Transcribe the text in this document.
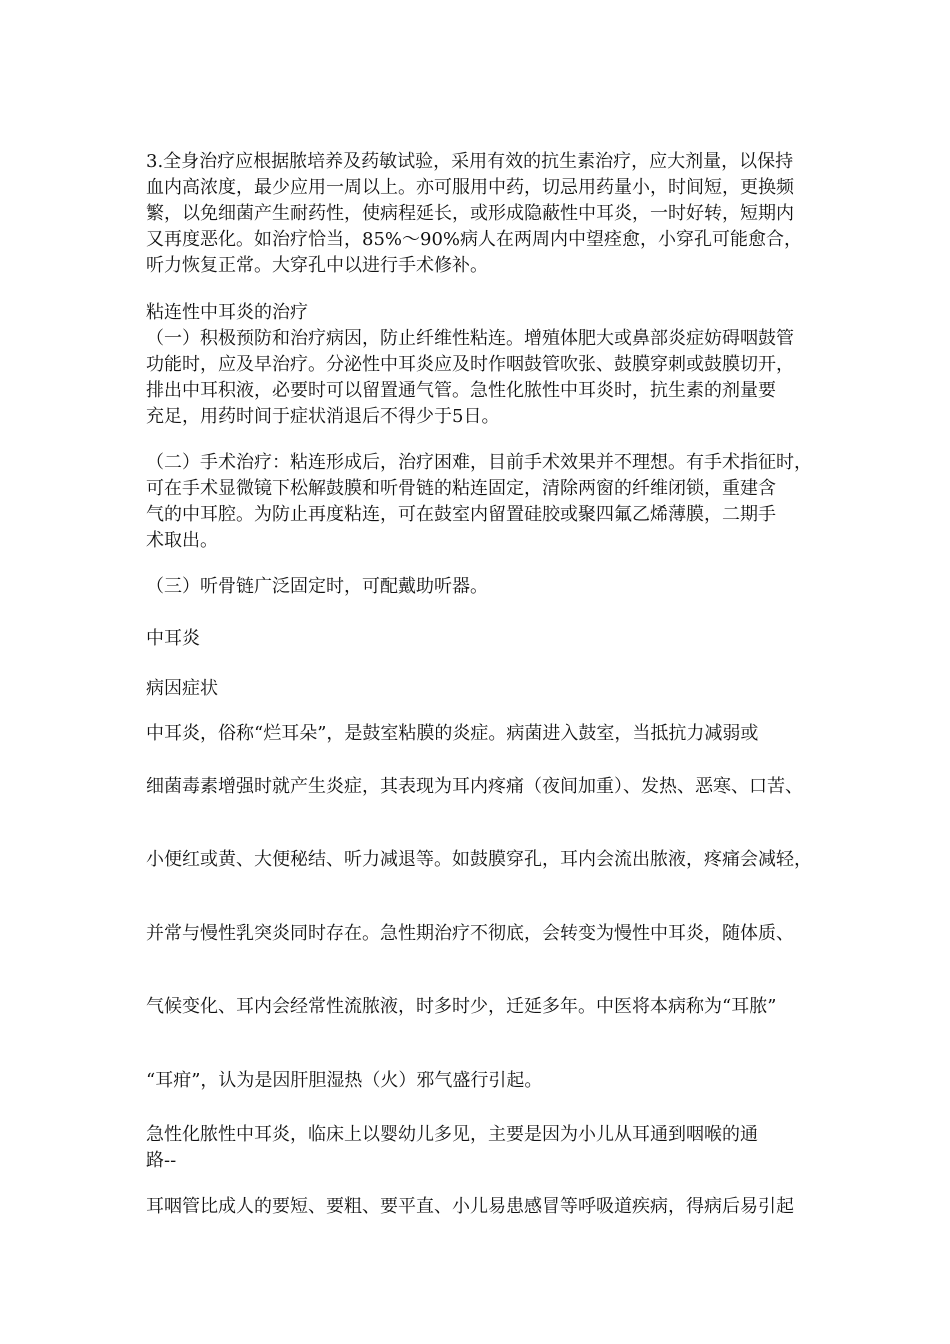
3.全身治疗应根据脓培养及药敏试验，采用有效的抗生素治疗，应大剂量，以保持
血内高浓度，最少应用一周以上。亦可服用中药，切忌用药量小，时间短，更换频
繁，以免细菌产生耐药性，使病程延长，或形成隐蔽性中耳炎，一时好转，短期内
又再度恶化。如治疗恰当，85%～90%病人在两周内中望痊愈，小穿孔可能愈合，
听力恢复正常。大穿孔中以进行手术修补。
粘连性中耳炎的治疗
（一）积极预防和治疗病因，防止纤维性粘连。增殖体肥大或鼻部炎症妨碍咽鼓管
功能时，应及早治疗。分泌性中耳炎应及时作咽鼓管吹张、鼓膜穿刺或鼓膜切开，
排出中耳积液，必要时可以留置通气管。急性化脓性中耳炎时，抗生素的剂量要
充足，用药时间于症状消退后不得少于5日。
（二）手术治疗：粘连形成后，治疗困难，目前手术效果并不理想。有手术指征时，
可在手术显微镜下松解鼓膜和听骨链的粘连固定，清除两窗的纤维闭锁，重建含
气的中耳腔。为防止再度粘连，可在鼓室内留置硅胶或聚四氟乙烯薄膜，二期手
术取出。
（三）听骨链广泛固定时，可配戴助听器。
中耳炎
病因症状
中耳炎，俗称“烂耳朵”，是鼓室粘膜的炎症。病菌进入鼓室，当抵抗力减弱或
细菌毒素增强时就产生炎症，其表现为耳内疼痛（夜间加重）、发热、恶寒、口苦、
小便红或黄、大便秘结、听力减退等。如鼓膜穿孔，耳内会流出脓液，疼痛会减轻，
并常与慢性乳突炎同时存在。急性期治疗不彻底，会转变为慢性中耳炎，随体质、
气候变化、耳内会经常性流脓液，时多时少，迁延多年。中医将本病称为“耳脓”
“耳疳”，认为是因肝胆湿热（火）邪气盛行引起。
急性化脓性中耳炎，临床上以婴幼儿多见，主要是因为小儿从耳通到咽喉的通
路--
耳咽管比成人的要短、要粗、要平直、小儿易患感冒等呼吸道疾病，得病后易引起
